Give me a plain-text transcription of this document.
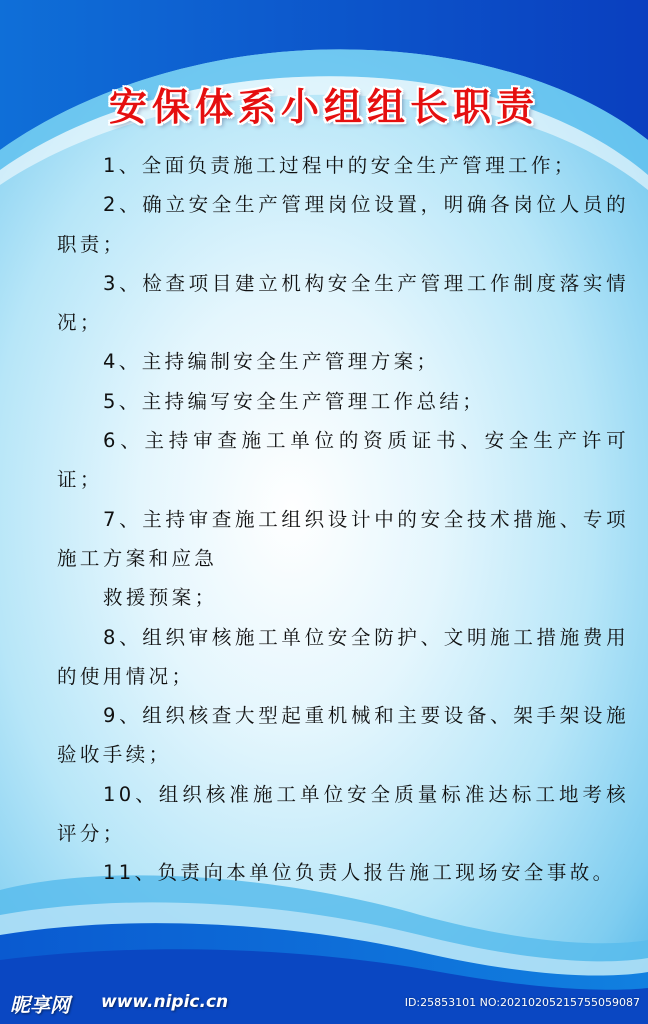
安保体系小组组长职责

1、全面负责施工过程中的安全生产管理工作；

2、确立安全生产管理岗位设置，明确各岗位人员的职责；

3、检查项目建立机构安全生产管理工作制度落实情况；

4、主持编制安全生产管理方案；

5、主持编写安全生产管理工作总结；

6、主持审查施工单位的资质证书、安全生产许可证；

7、主持审查施工组织设计中的安全技术措施、专项施工方案和应急

救援预案；

8、组织审核施工单位安全防护、文明施工措施费用的使用情况；

9、组织核查大型起重机械和主要设备、架手架设施验收手续；

10、组织核准施工单位安全质量标准达标工地考核评分；

11、负责向本单位负责人报告施工现场安全事故。

昵享网 www.nipic.cn	ID:25853101 NO:20210205215755059087
